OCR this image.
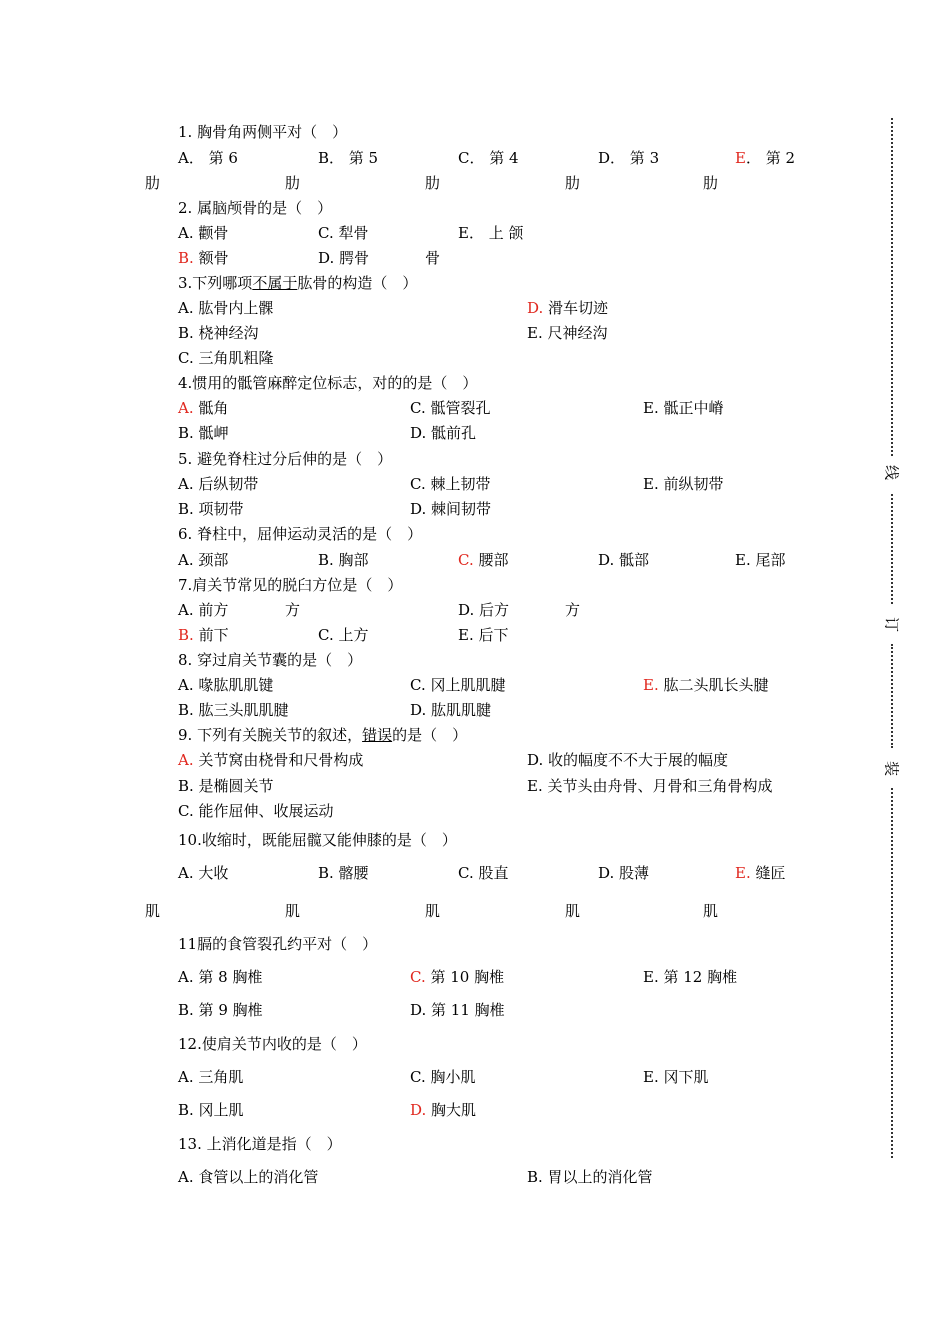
1. 胸骨角两侧平对（　）
A． 第 6	B． 第 5	C． 第 4	D． 第 3	E． 第 2
肋	肋	肋	肋	肋
2. 属脑颅骨的是（　）
A. 颧骨	C. 犁骨	E． 上 颌
B. 额骨	D. 腭骨	骨
3.下列哪项不属于肱骨的构造（　）
A. 肱骨内上髁	D. 滑车切迹
B. 桡神经沟	E. 尺神经沟
C. 三角肌粗隆
4.惯用的骶管麻醉定位标志，对的的是（　）
A. 骶角	C. 骶管裂孔	E. 骶正中嵴
B. 骶岬	D. 骶前孔
5. 避免脊柱过分后伸的是（　）
A. 后纵韧带	C. 棘上韧带	E. 前纵韧带
B. 项韧带	D. 棘间韧带
6. 脊柱中，屈伸运动灵活的是（　）
A. 颈部	B. 胸部	C. 腰部	D. 骶部	E. 尾部
7.肩关节常见的脱臼方位是（　）
A. 前方	方	D. 后方	方
B. 前下	C. 上方	E. 后下
8. 穿过肩关节囊的是（　）
A. 喙肱肌肌键	C. 冈上肌肌腱	E. 肱二头肌长头腱
B. 肱三头肌肌腱	D. 肱肌肌腱
9. 下列有关腕关节的叙述，错误的是（　）
A. 关节窝由桡骨和尺骨构成	D. 收的幅度不不大于展的幅度
B. 是椭圆关节	E. 关节头由舟骨、月骨和三角骨构成
C. 能作屈伸、收展运动
10.收缩时，既能屈髋又能伸膝的是（　）
A. 大收	B. 髂腰	C. 股直	D. 股薄	E. 缝匠
肌	肌	肌	肌	肌
11膈的食管裂孔约平对（　）
A. 第 8 胸椎	C. 第 10 胸椎	E. 第 12 胸椎
B. 第 9 胸椎	D. 第 11 胸椎
12.使肩关节内收的是（　）
A. 三角肌	C. 胸小肌	E. 冈下肌
B. 冈上肌	D. 胸大肌
13. 上消化道是指（　）
A. 食管以上的消化管	B. 胃以上的消化管
线
订
装
